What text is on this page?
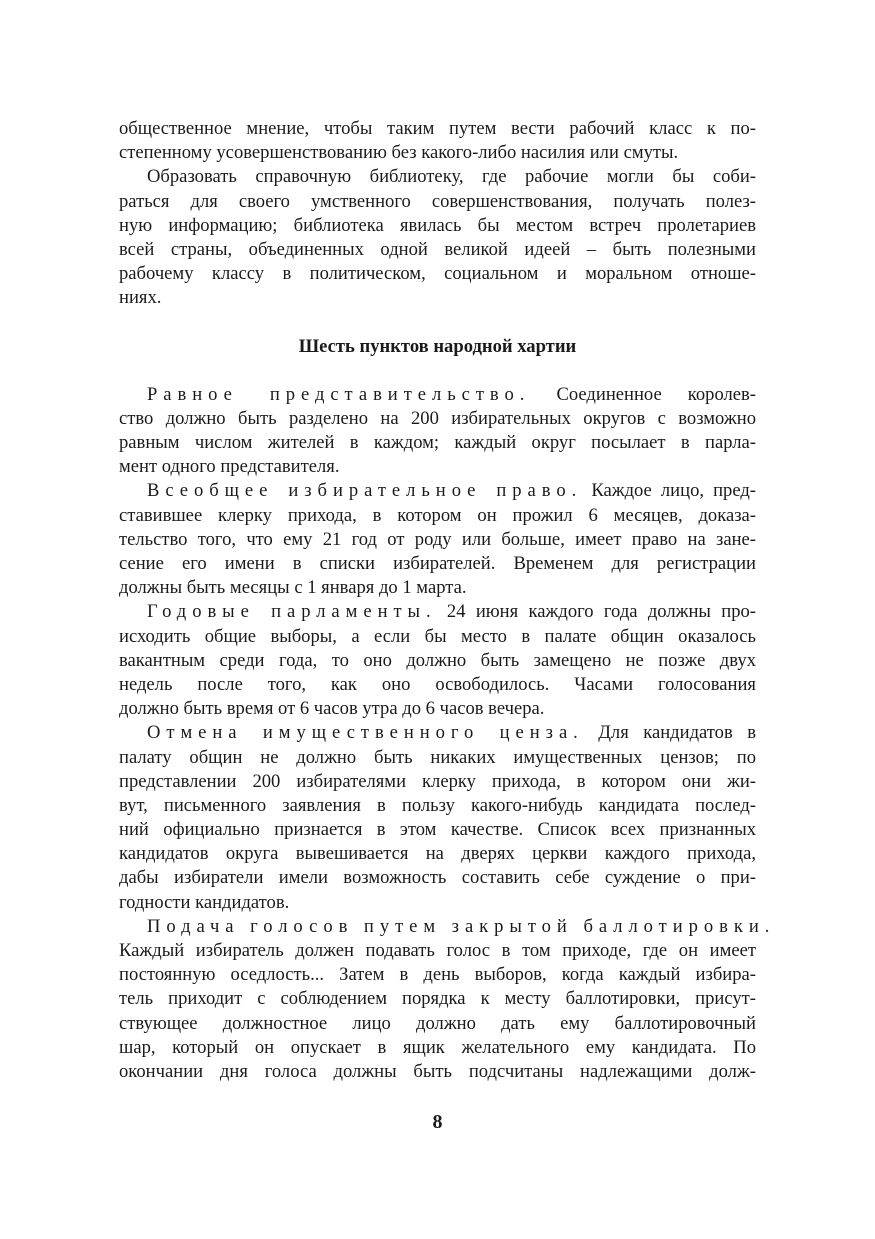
общественное мнение, чтобы таким путем вести рабочий класс к по-
степенному усовершенствованию без какого-либо насилия или смуты.
Образовать справочную библиотеку, где рабочие могли бы соби-
раться для своего умственного совершенствования, получать полез-
ную информацию; библиотека явилась бы местом встреч пролетариев
всей страны, объединенных одной великой идеей – быть полезными
рабочему классу в политическом, социальном и моральном отноше-
ниях.
Шесть пунктов народной хартии
Равное представительство. Соединенное королев-
ство должно быть разделено на 200 избирательных округов с возможно
равным числом жителей в каждом; каждый округ посылает в парла-
мент одного представителя.
Всеобщее избирательное право. Каждое лицо, пред-
ставившее клерку прихода, в котором он прожил 6 месяцев, доказа-
тельство того, что ему 21 год от роду или больше, имеет право на зане-
сение его имени в списки избирателей. Временем для регистрации
должны быть месяцы с 1 января до 1 марта.
Годовые парламенты. 24 июня каждого года должны про-
исходить общие выборы, а если бы место в палате общин оказалось
вакантным среди года, то оно должно быть замещено не позже двух
недель после того, как оно освободилось. Часами голосования
должно быть время от 6 часов утра до 6 часов вечера.
Отмена имущественного ценза. Для кандидатов в
палату общин не должно быть никаких имущественных цензов; по
представлении 200 избирателями клерку прихода, в котором они жи-
вут, письменного заявления в пользу какого-нибудь кандидата послед-
ний официально признается в этом качестве. Список всех признанных
кандидатов округа вывешивается на дверях церкви каждого прихода,
дабы избиратели имели возможность составить себе суждение о при-
годности кандидатов.
Подача голосов путем закрытой баллотировки.
Каждый избиратель должен подавать голос в том приходе, где он имеет
постоянную оседлость... Затем в день выборов, когда каждый избира-
тель приходит с соблюдением порядка к месту баллотировки, присут-
ствующее должностное лицо должно дать ему баллотировочный
шар, который он опускает в ящик желательного ему кандидата. По
окончании дня голоса должны быть подсчитаны надлежащими долж-
8
